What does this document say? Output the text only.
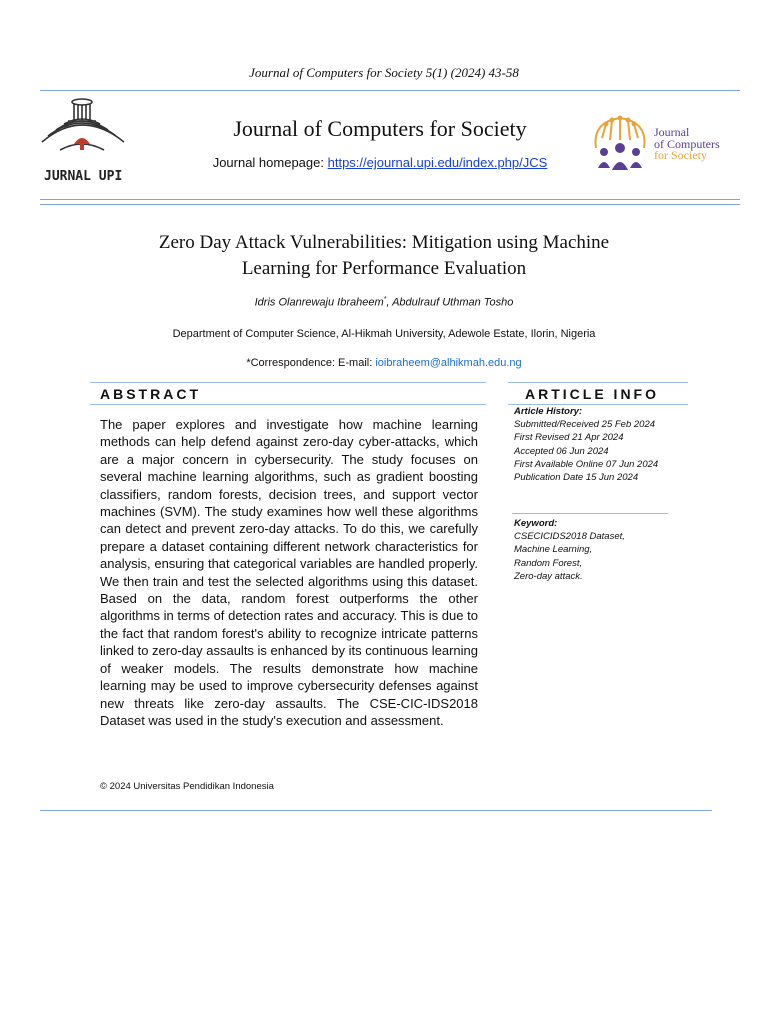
Journal of Computers for Society 5(1) (2024) 43-58
JURNAL UPI
Journal of Computers for Society
Journal homepage: https://ejournal.upi.edu/index.php/JCS
Journal
of Computers
for Society
Zero Day Attack Vulnerabilities: Mitigation using Machine
Learning for Performance Evaluation
Idris Olanrewaju Ibraheem*, Abdulrauf Uthman Tosho
Department of Computer Science, Al-Hikmah University, Adewole Estate, Ilorin, Nigeria
*Correspondence: E-mail: ioibraheem@alhikmah.edu.ng
ABSTRACT	ARTICLE INFO
The paper explores and investigate how machine learning methods can help defend against zero-day cyber-attacks, which are a major concern in cybersecurity. The study focuses on several machine learning algorithms, such as gradient boosting classifiers, random forests, decision trees, and support vector machines (SVM). The study examines how well these algorithms can detect and prevent zero-day attacks. To do this, we carefully prepare a dataset containing different network characteristics for analysis, ensuring that categorical variables are handled properly. We then train and test the selected algorithms using this dataset. Based on the data, random forest outperforms the other algorithms in terms of detection rates and accuracy. This is due to the fact that random forest's ability to recognize intricate patterns linked to zero-day assaults is enhanced by its continuous learning of weaker models. The results demonstrate how machine learning may be used to improve cybersecurity defenses against new threats like zero-day assaults. The CSE-CIC-IDS2018 Dataset was used in the study's execution and assessment.
© 2024 Universitas Pendidikan Indonesia
Article History:
Submitted/Received 25 Feb 2024
First Revised 21 Apr 2024
Accepted 06 Jun 2024
First Available Online 07 Jun 2024
Publication Date 15 Jun 2024
Keyword:
CSECICIDS2018 Dataset,
Machine Learning,
Random Forest,
Zero-day attack.
